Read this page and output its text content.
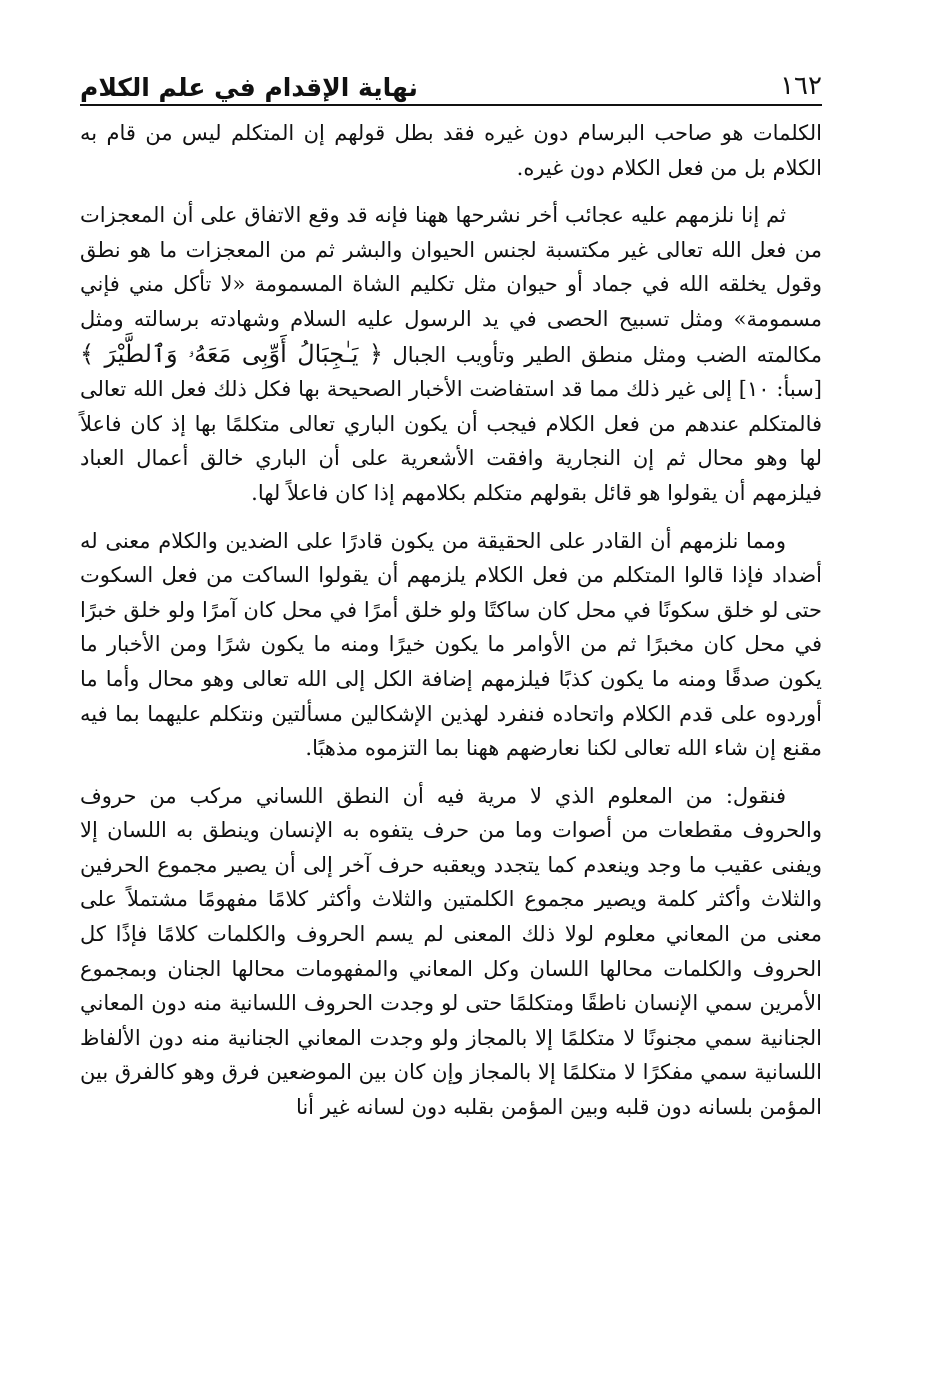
نهاية الإقدام في علم الكلام	١٦٢

الكلمات هو صاحب البرسام دون غيره فقد بطل قولهم إن المتكلم ليس من قام به الكلام بل من فعل الكلام دون غيره.

ثم إنا نلزمهم عليه عجائب أخر نشرحها ههنا فإنه قد وقع الاتفاق على أن المعجزات من فعل الله تعالى غير مكتسبة لجنس الحيوان والبشر ثم من المعجزات ما هو نطق وقول يخلقه الله في جماد أو حيوان مثل تكليم الشاة المسمومة «لا تأكل مني فإني مسمومة» ومثل تسبيح الحصى في يد الرسول عليه السلام وشهادته برسالته ومثل مكالمته الضب ومثل منطق الطير وتأويب الجبال ﴿ يَـٰجِبَالُ أَوِّبِى مَعَهُۥ وَٱلطَّيْرَ ﴾ [سبأ: ١٠] إلى غير ذلك مما قد استفاضت الأخبار الصحيحة بها فكل ذلك فعل الله تعالى فالمتكلم عندهم من فعل الكلام فيجب أن يكون الباري تعالى متكلمًا بها إذ كان فاعلاً لها وهو محال ثم إن النجارية وافقت الأشعرية على أن الباري خالق أعمال العباد فيلزمهم أن يقولوا هو قائل بقولهم متكلم بكلامهم إذا كان فاعلاً لها.

ومما نلزمهم أن القادر على الحقيقة من يكون قادرًا على الضدين والكلام معنى له أضداد فإذا قالوا المتكلم من فعل الكلام يلزمهم أن يقولوا الساكت من فعل السكوت حتى لو خلق سكونًا في محل كان ساكتًا ولو خلق أمرًا في محل كان آمرًا ولو خلق خبرًا في محل كان مخبرًا ثم من الأوامر ما يكون خيرًا ومنه ما يكون شرًا ومن الأخبار ما يكون صدقًا ومنه ما يكون كذبًا فيلزمهم إضافة الكل إلى الله تعالى وهو محال وأما ما أوردوه على قدم الكلام واتحاده فنفرد لهذين الإشكالين مسألتين ونتكلم عليهما بما فيه مقنع إن شاء الله تعالى لكنا نعارضهم ههنا بما التزموه مذهبًا.

فنقول: من المعلوم الذي لا مرية فيه أن النطق اللساني مركب من حروف والحروف مقطعات من أصوات وما من حرف يتفوه به الإنسان وينطق به اللسان إلا ويفنى عقيب ما وجد وينعدم كما يتجدد ويعقبه حرف آخر إلى أن يصير مجموع الحرفين والثلاث وأكثر كلمة ويصير مجموع الكلمتين والثلاث وأكثر كلامًا مفهومًا مشتملاً على معنى من المعاني معلوم لولا ذلك المعنى لم يسم الحروف والكلمات كلامًا فإذًا كل الحروف والكلمات محالها اللسان وكل المعاني والمفهومات محالها الجنان وبمجموع الأمرين سمي الإنسان ناطقًا ومتكلمًا حتى لو وجدت الحروف اللسانية منه دون المعاني الجنانية سمي مجنونًا لا متكلمًا إلا بالمجاز ولو وجدت المعاني الجنانية منه دون الألفاظ اللسانية سمي مفكرًا لا متكلمًا إلا بالمجاز وإن كان بين الموضعين فرق وهو كالفرق بين المؤمن بلسانه دون قلبه وبين المؤمن بقلبه دون لسانه غير أنا
